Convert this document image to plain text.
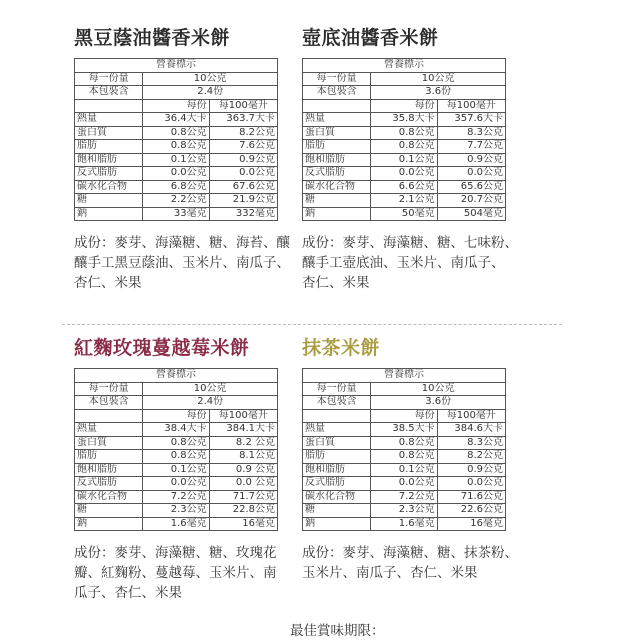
黑豆蔭油醬香米餅
營養標示		
每一份量	10公克	
本包裝含	2.4份	
	每份	每100毫升
熱量	36.4大卡	363.7大卡
蛋白質	0.8公克	8.2公克
脂肪	0.8公克	7.6公克
飽和脂肪	0.1公克	0.9公克
反式脂肪	0.0公克	0.0公克
碳水化合物	6.8公克	67.6公克
糖	2.2公克	21.9公克
鈉	33毫克	332毫克
成份：麥芽、海藻糖、糖、海苔、釀
釀手工黑豆蔭油、玉米片、南瓜子、
杏仁、米果
壺底油醬香米餅
營養標示		
每一份量	10公克	
本包裝含	3.6份	
	每份	每100毫升
熱量	35.8大卡	357.6大卡
蛋白質	0.8公克	8.3公克
脂肪	0.8公克	7.7公克
飽和脂肪	0.1公克	0.9公克
反式脂肪	0.0公克	0.0公克
碳水化合物	6.6公克	65.6公克
糖	2.1公克	20.7公克
鈉	50毫克	504毫克
成份：麥芽、海藻糖、糖、七味粉、
釀手工壺底油、玉米片、南瓜子、
杏仁、米果
紅麴玫瑰蔓越莓米餅
營養標示		
每一份量	10公克	
本包裝含	2.4份	
	每份	每100毫升
熱量	38.4大卡	384.1大卡
蛋白質	0.8公克	8.2 公克
脂肪	0.8公克	8.1公克
飽和脂肪	0.1公克	0.9 公克
反式脂肪	0.0公克	0.0 公克
碳水化合物	7.2公克	71.7公克
糖	2.3公克	22.8公克
鈉	1.6毫克	16毫克
成份：麥芽、海藻糖、糖、玫瑰花
瓣、紅麴粉、蔓越莓、玉米片、南
瓜子、杏仁、米果
抹茶米餅
營養標示		
每一份量	10公克	
本包裝含	3.6份	
	每份	每100毫升
熱量	38.5大卡	384.6大卡
蛋白質	0.8公克	8.3公克
脂肪	0.8公克	8.2公克
飽和脂肪	0.1公克	0.9公克
反式脂肪	0.0公克	0.0公克
碳水化合物	7.2公克	71.6公克
糖	2.3公克	22.6公克
鈉	1.6毫克	16毫克
成份：麥芽、海藻糖、糖、抹茶粉、
玉米片、南瓜子、杏仁、米果
最佳賞味期限：
